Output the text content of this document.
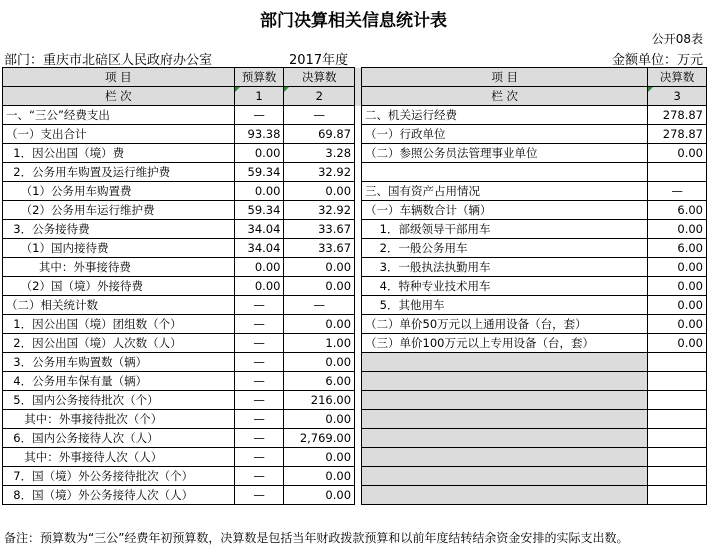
部门决算相关信息统计表
公开08表
部门：重庆市北碚区人民政府办公室	2017年度	金额单位：万元
项 目	预算数	决算数		项 目	决算数
栏 次	1	2		栏 次	3
一、“三公”经费支出	—	—		二、机关运行经费	278.87
（一）支出合计	93.38	69.87		（一）行政单位	278.87
1．因公出国（境）费	0.00	3.28		（二）参照公务员法管理事业单位	0.00
2．公务用车购置及运行维护费	59.34	32.92			
（1）公务用车购置费	0.00	0.00		三、国有资产占用情况	—
（2）公务用车运行维护费	59.34	32.92		（一）车辆数合计（辆）	6.00
3．公务接待费	34.04	33.67		1．部级领导干部用车	0.00
（1）国内接待费	34.04	33.67		2．一般公务用车	6.00
其中：外事接待费	0.00	0.00		3．一般执法执勤用车	0.00
（2）国（境）外接待费	0.00	0.00		4．特种专业技术用车	0.00
（二）相关统计数	—	—		5．其他用车	0.00
1．因公出国（境）团组数（个）	—	0.00		（二）单价50万元以上通用设备（台，套）	0.00
2．因公出国（境）人次数（人）	—	1.00		（三）单价100万元以上专用设备（台，套）	0.00
3．公务用车购置数（辆）	—	0.00			
4．公务用车保有量（辆）	—	6.00			
5．国内公务接待批次（个）	—	216.00			
其中：外事接待批次（个）	—	0.00			
6．国内公务接待人次（人）	—	2,769.00			
其中：外事接待人次（人）	—	0.00			
7．国（境）外公务接待批次（个）	—	0.00			
8．国（境）外公务接待人次（人）	—	0.00			
备注：预算数为“三公”经费年初预算数，决算数是包括当年财政拨款预算和以前年度结转结余资金安排的实际支出数。
